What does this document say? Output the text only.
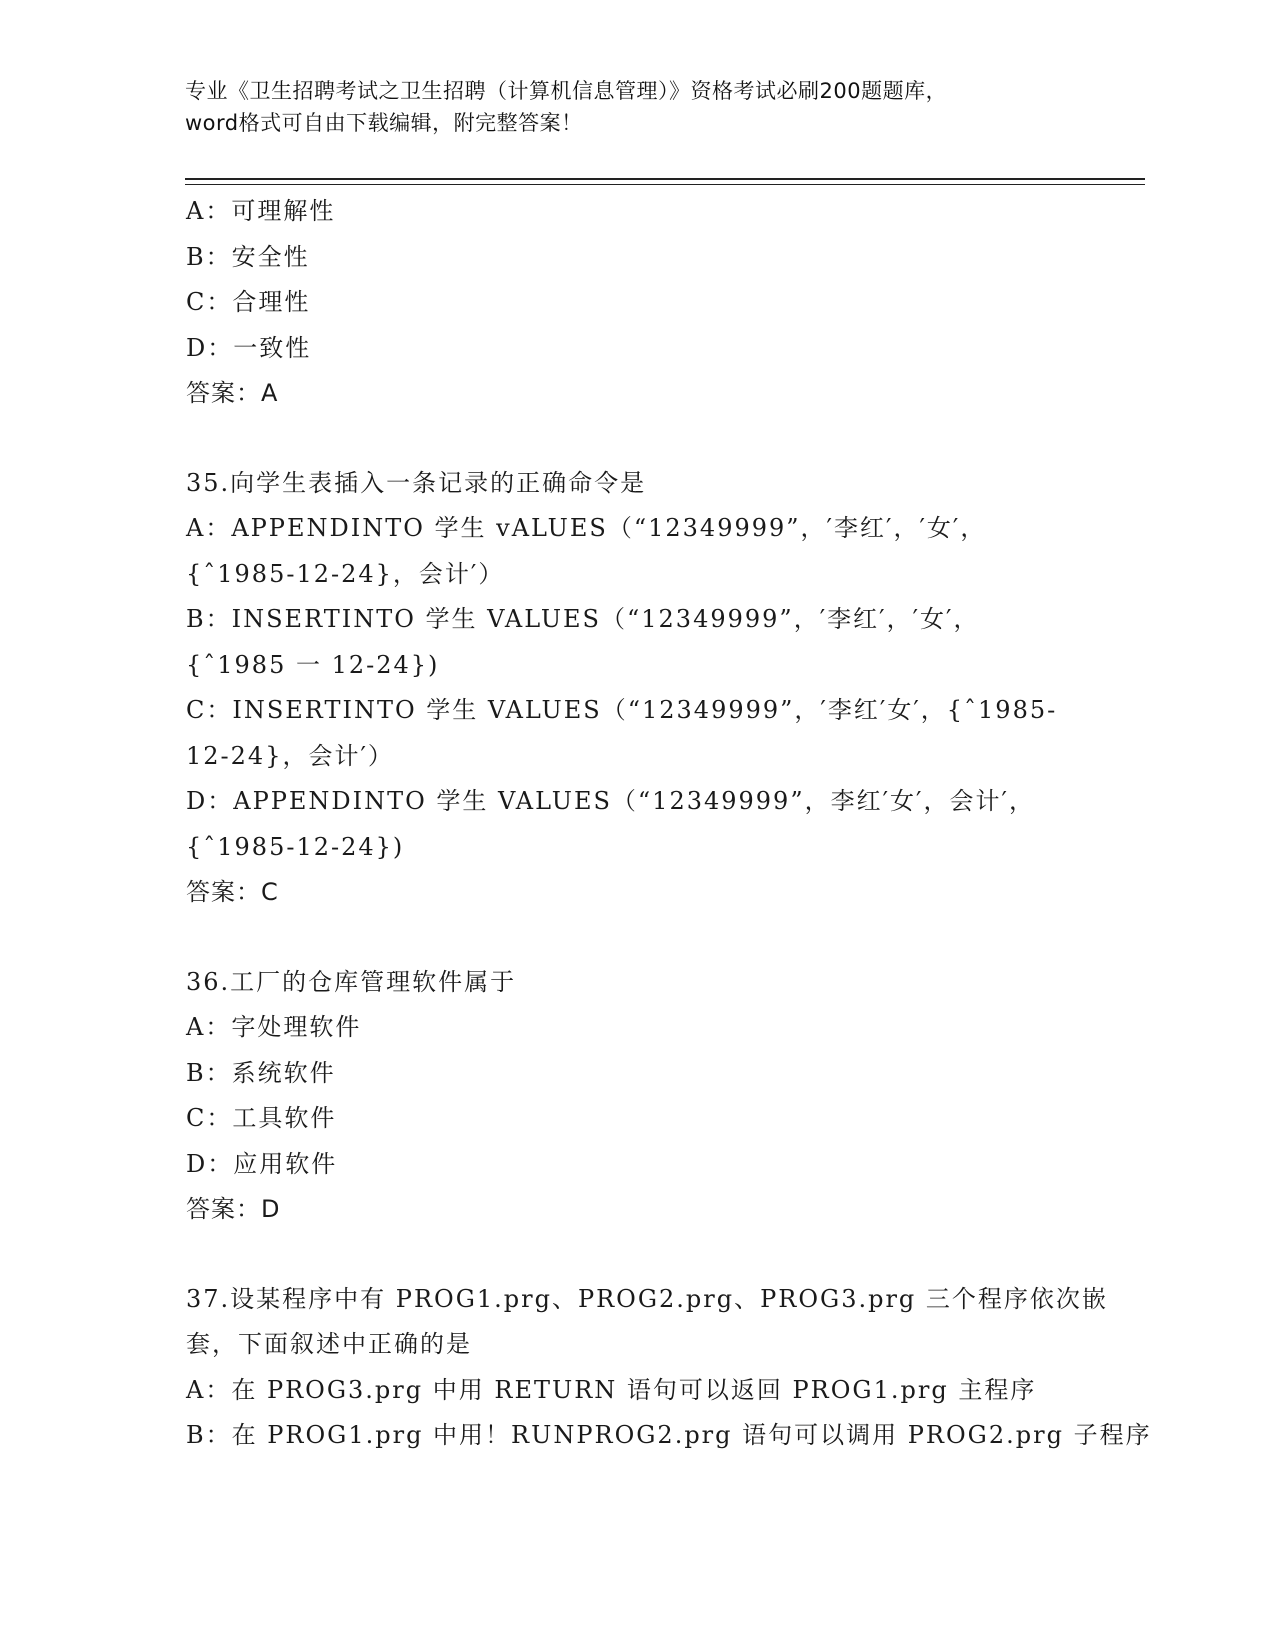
专业《卫生招聘考试之卫生招聘（计算机信息管理）》资格考试必刷200题题库，
word格式可自由下载编辑，附完整答案！
A：可理解性
B：安全性
C：合理性
D：一致性
答案：A
35.向学生表插入一条记录的正确命令是
A：APPENDINTO 学生 vALUES（“12349999”，′李红′，′女′，
{ˆ1985-12-24}，会计′）
B：INSERTINTO 学生 VALUES（“12349999”，′李红′，′女′，
{ˆ1985 一 12-24})
C：INSERTINTO 学生 VALUES（“12349999”，′李红′女′，{ˆ1985-
12-24}，会计′）
D：APPENDINTO 学生 VALUES（“12349999”，李红′女′，会计′，
{ˆ1985-12-24})
答案：C
36.工厂的仓库管理软件属于
A：字处理软件
B：系统软件
C：工具软件
D：应用软件
答案：D
37.设某程序中有 PROG1.prg、PROG2.prg、PROG3.prg 三个程序依次嵌
套，下面叙述中正确的是
A：在 PROG3.prg 中用 RETURN 语句可以返回 PROG1.prg 主程序
B：在 PROG1.prg 中用！RUNPROG2.prg 语句可以调用 PROG2.prg 子程序
